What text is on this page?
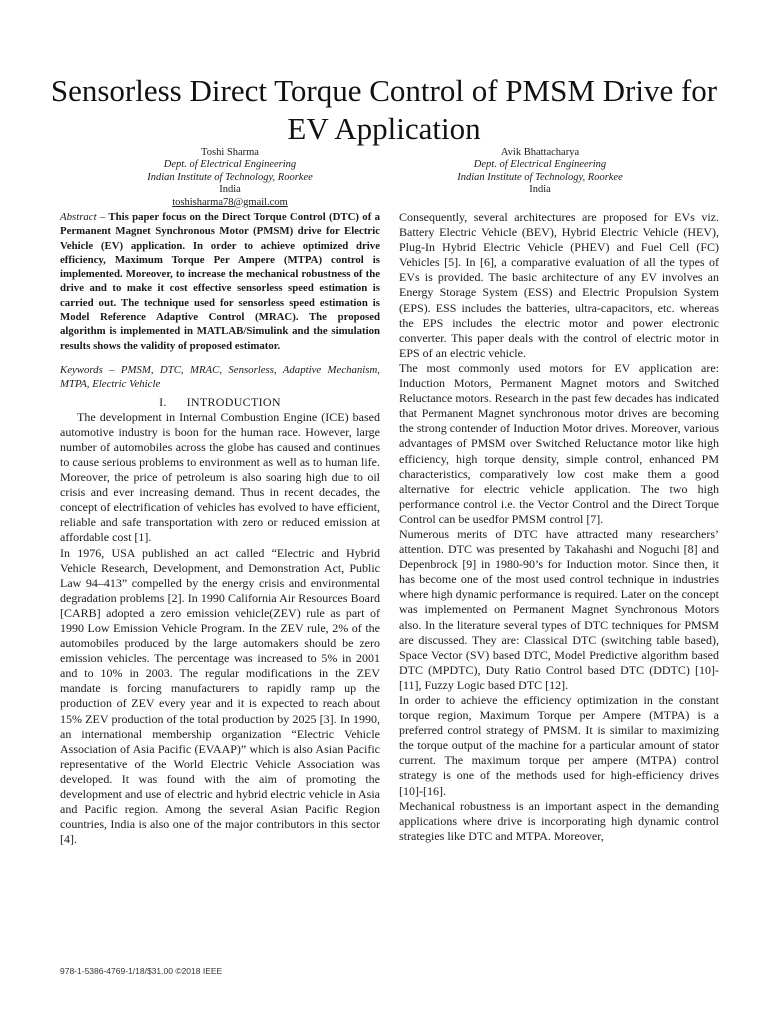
Sensorless Direct Torque Control of PMSM Drive for EV Application
Toshi Sharma
Dept. of Electrical Engineering
Indian Institute of Technology, Roorkee
India
toshisharma78@gmail.com
Avik Bhattacharya
Dept. of Electrical Engineering
Indian Institute of Technology, Roorkee
India

Abstract – This paper focus on the Direct Torque Control (DTC) of a Permanent Magnet Synchronous Motor (PMSM) drive for Electric Vehicle (EV) application. In order to achieve optimized drive efficiency, Maximum Torque Per Ampere (MTPA) control is implemented. Moreover, to increase the mechanical robustness of the drive and to make it cost effective sensorless speed estimation is carried out. The technique used for sensorless speed estimation is Model Reference Adaptive Control (MRAC). The proposed algorithm is implemented in MATLAB/Simulink and the simulation results shows the validity of proposed estimator.

Keywords – PMSM, DTC, MRAC, Sensorless, Adaptive Mechanism, MTPA, Electric Vehicle

I.      INTRODUCTION

The development in Internal Combustion Engine (ICE) based automotive industry is boon for the human race. However, large number of automobiles across the globe has caused and continues to cause serious problems to environment as well as to human life. Moreover, the price of petroleum is also soaring high due to oil crisis and ever increasing demand. Thus in recent decades, the concept of electrification of vehicles has evolved to have efficient, reliable and safe transportation with zero or reduced emission at affordable cost [1].

In 1976, USA published an act called “Electric and Hybrid Vehicle Research, Development, and Demonstration Act, Public Law 94–413” compelled by the energy crisis and environmental degradation problems [2]. In 1990 California Air Resources Board [CARB] adopted a zero emission vehicle(ZEV) rule as part of 1990 Low Emission Vehicle Program. In the ZEV rule, 2% of the automobiles produced by the large automakers should be zero emission vehicles. The percentage was increased to 5% in 2001 and to 10% in 2003. The regular modifications in the ZEV mandate is forcing manufacturers to rapidly ramp up the production of ZEV every year and it is expected to reach about 15% ZEV production of the total production by 2025 [3]. In 1990, an international membership organization “Electric Vehicle Association of Asia Pacific (EVAAP)” which is also Asian Pacific representative of the World Electric Vehicle Association was developed. It was found with the aim of promoting the development and use of electric and hybrid electric vehicle in Asia and Pacific region. Among the several Asian Pacific Region countries, India is also one of the major contributors in this sector [4].

Consequently, several architectures are proposed for EVs viz. Battery Electric Vehicle (BEV), Hybrid Electric Vehicle (HEV), Plug-In Hybrid Electric Vehicle (PHEV) and Fuel Cell (FC) Vehicles [5]. In [6], a comparative evaluation of all the types of EVs is provided. The basic architecture of any EV involves an Energy Storage System (ESS) and Electric Propulsion System (EPS). ESS includes the batteries, ultra-capacitors, etc. whereas the EPS includes the electric motor and power electronic converter. This paper deals with the control of electric motor in EPS of an electric vehicle.

The most commonly used motors for EV application are: Induction Motors, Permanent Magnet motors and Switched Reluctance motors. Research in the past few decades has indicated that Permanent Magnet synchronous motor drives are becoming the strong contender of Induction Motor drives. Moreover, various advantages of PMSM over Switched Reluctance motor like high efficiency, high torque density, simple control, enhanced PM characteristics, comparatively low cost make them a good alternative for electric vehicle application. The two high performance control i.e. the Vector Control and the Direct Torque Control can be usedfor PMSM control [7].

Numerous merits of DTC have attracted many researchers’ attention. DTC was presented by Takahashi and Noguchi [8] and Depenbrock [9] in 1980-90’s for Induction motor. Since then, it has become one of the most used control technique in industries where high dynamic performance is required. Later on the concept was implemented on Permanent Magnet Synchronous Motors also. In the literature several types of DTC techniques for PMSM are discussed. They are: Classical DTC (switching table based), Space Vector (SV) based DTC, Model Predictive algorithm based DTC (MPDTC), Duty Ratio Control based DTC (DDTC) [10]-[11], Fuzzy Logic based DTC [12].

In order to achieve the efficiency optimization in the constant torque region, Maximum Torque per Ampere (MTPA) is a preferred control strategy of PMSM. It is similar to maximizing the torque output of the machine for a particular amount of stator current. The maximum torque per ampere (MTPA) control strategy is one of the methods used for high-efficiency drives [10]-[16].

Mechanical robustness is an important aspect in the demanding applications where drive is incorporating high dynamic control strategies like DTC and MTPA. Moreover,

978-1-5386-4769-1/18/$31.00 ©2018 IEEE
